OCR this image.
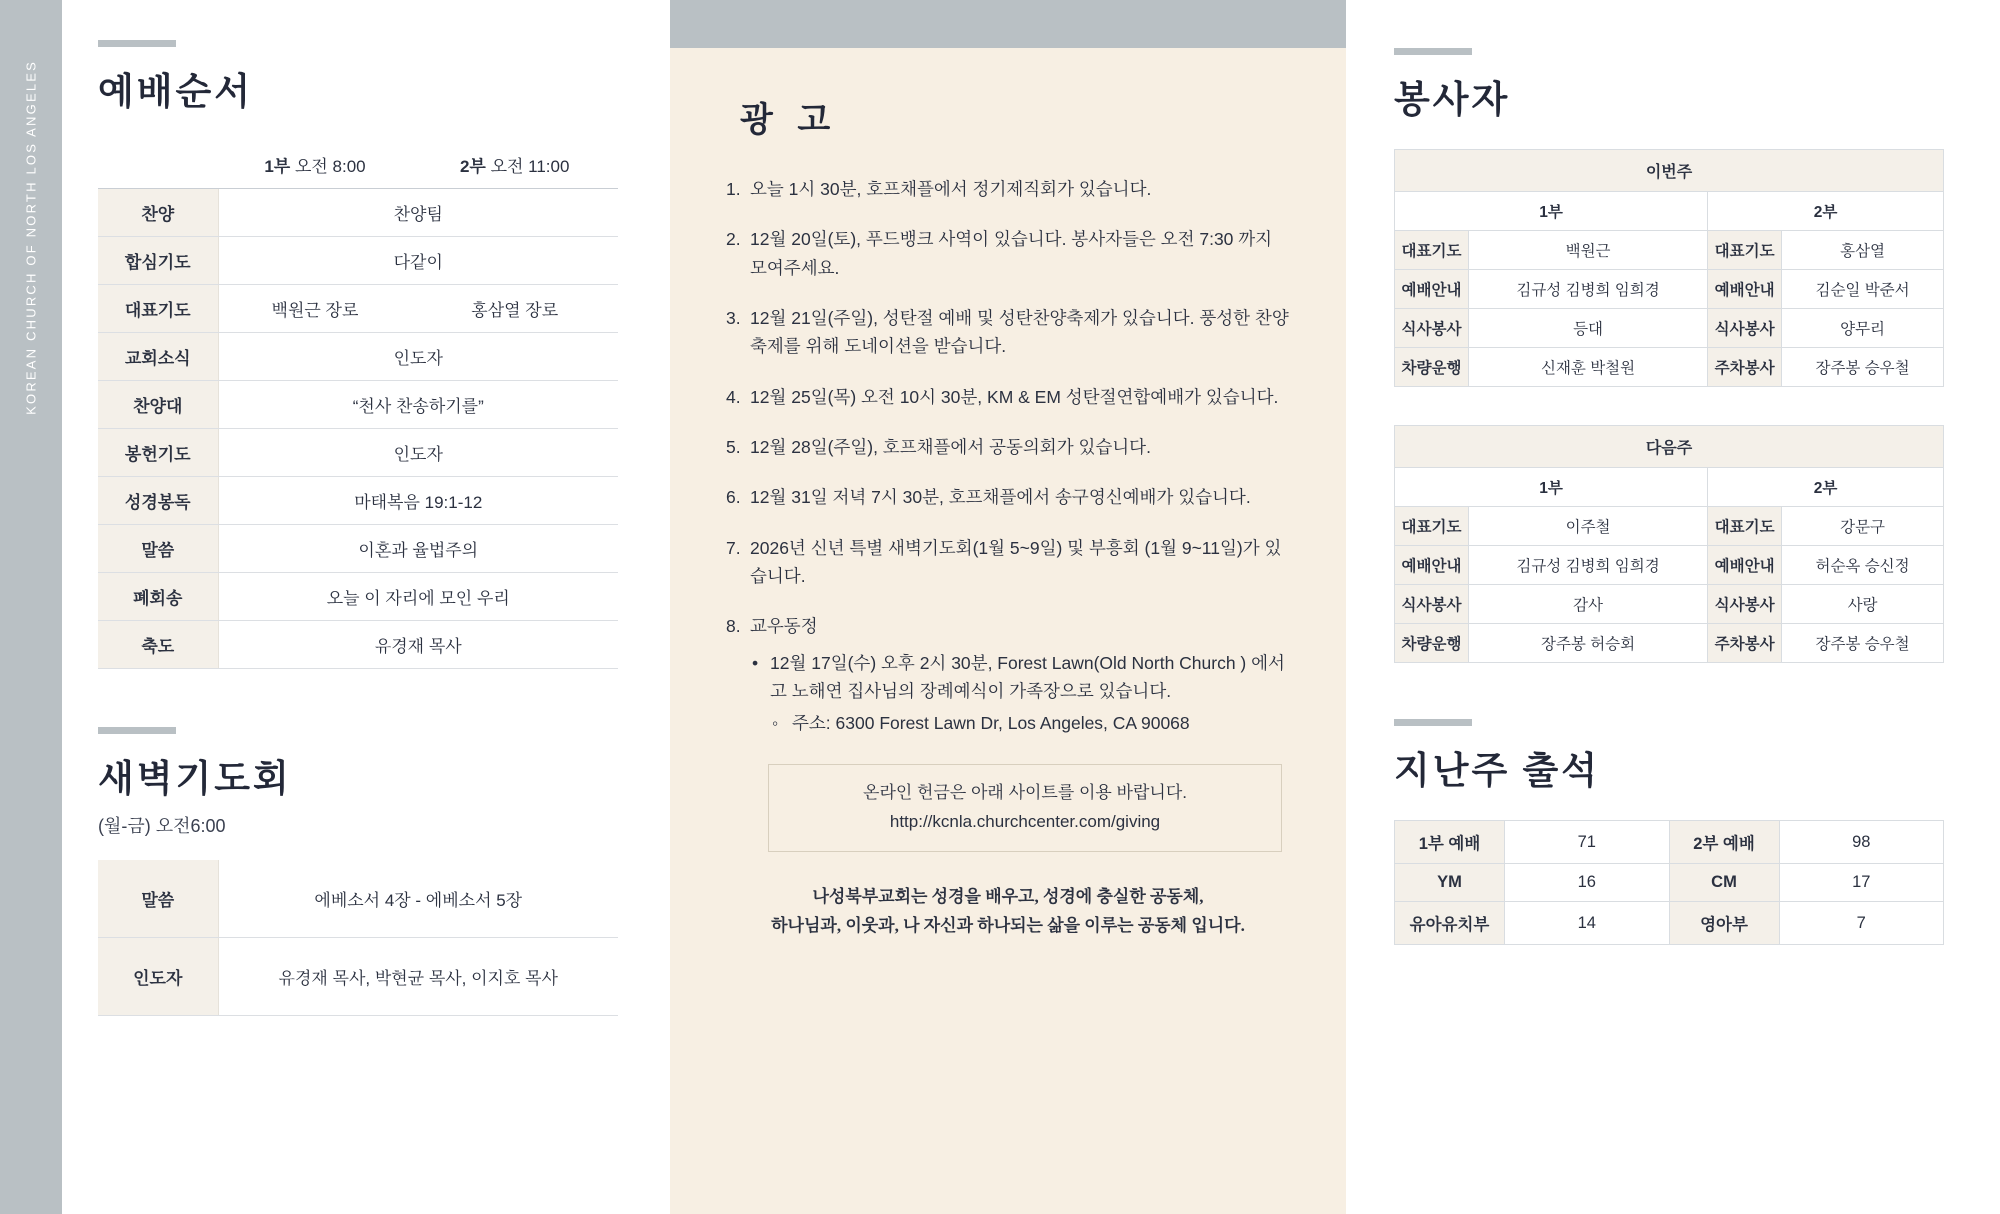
KOREAN CHURCH OF NORTH LOS ANGELES 예배순서
	1부 오전 8:00	2부 오전 11:00
찬양	찬양팀	
합심기도	다같이	
대표기도	백원근 장로	홍삼열 장로
교회소식	인도자	
찬양대	“천사 찬송하기를”	
봉헌기도	인도자	
성경봉독	마태복음 19:1-12	
말씀	이혼과 율법주의	
폐회송	오늘 이 자리에 모인 우리	
축도	유경재 목사	
새벽기도회
(월-금) 오전6:00
말씀	에베소서 4장 - 에베소서 5장
인도자	유경재 목사, 박현균 목사, 이지호 목사
광 고
1. 오늘 1시 30분, 호프채플에서 정기제직회가 있습니다.
2. 12월 20일(토), 푸드뱅크 사역이 있습니다. 봉사자들은 오전 7:30 까지 모여주세요.
3. 12월 21일(주일), 성탄절 예배 및 성탄찬양축제가 있습니다. 풍성한 찬양축제를 위해 도네이션을 받습니다.
4. 12월 25일(목) 오전 10시 30분, KM & EM 성탄절연합예배가 있습니다.
5. 12월 28일(주일), 호프채플에서 공동의회가 있습니다.
6. 12월 31일 저녁 7시 30분, 호프채플에서 송구영신예배가 있습니다.
7. 2026년 신년 특별 새벽기도회(1월 5~9일) 및 부흥회 (1월 9~11일)가 있습니다.
8. 교우동정
• 12월 17일(수) 오후 2시 30분, Forest Lawn(Old North Church ) 에서 고 노해연 집사님의 장례예식이 가족장으로 있습니다.
◦ 주소: 6300 Forest Lawn Dr, Los Angeles, CA 90068
온라인 헌금은 아래 사이트를 이용 바랍니다.
http://kcnla.churchcenter.com/giving
나성북부교회는 성경을 배우고, 성경에 충실한 공동체,
하나님과, 이웃과, 나 자신과 하나되는 삶을 이루는 공동체 입니다.
봉사자
이번주			
1부		2부	
대표기도	백원근	대표기도	홍삼열
예배안내	김규성 김병희 임희경	예배안내	김순일 박준서
식사봉사	등대	식사봉사	양무리
차량운행	신재훈 박철원	주차봉사	장주봉 승우철
다음주			
1부		2부	
대표기도	이주철	대표기도	강문구
예배안내	김규성 김병희 임희경	예배안내	허순옥 승신정
식사봉사	감사	식사봉사	사랑
차량운행	장주봉 허승회	주차봉사	장주봉 승우철
지난주 출석
1부 예배	71	2부 예배	98
YM	16	CM	17
유아유치부	14	영아부	7
